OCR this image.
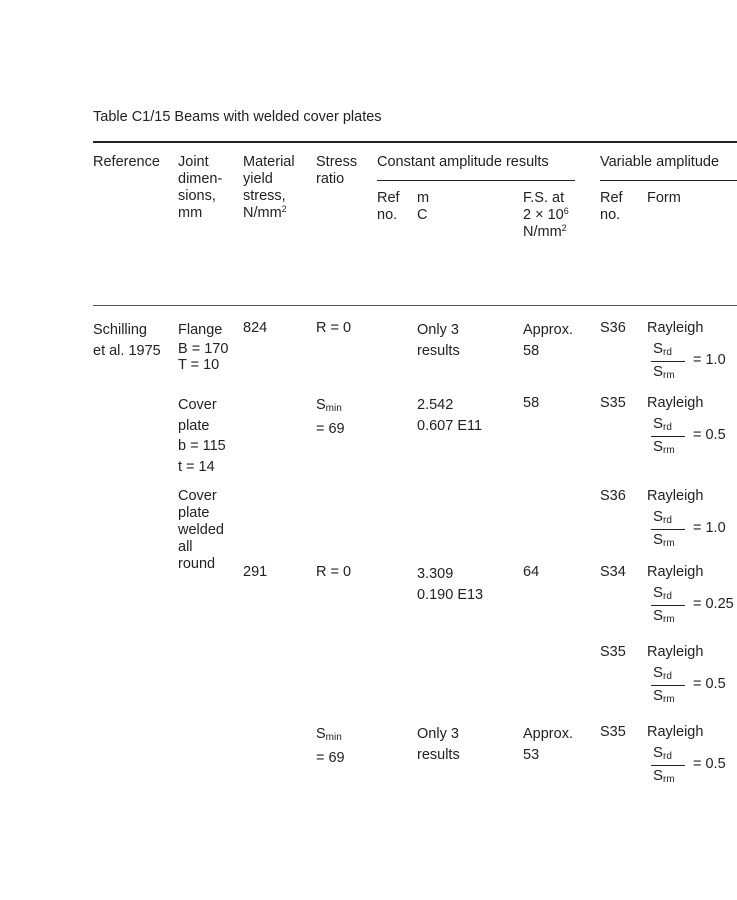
Table C1/15 Beams with welded cover plates
Reference Joint
dimen-
sions,
mm
Material
yield
stress,
$N/mm^2$
Stress
ratio
Constant amplitude results	Variable amplitude
Ref
no.
m
C
F.S. at
$2 \times 10^6$
$N/mm^2$
Ref
no.
Form
Schilling
et al. 1975
Flange
B = 170
T = 10
Cover
plate
b = 115
t = 14
Cover
plate
welded
all
round
824
291
R = 0
$S_{min}$
= 69
R = 0
$S_{min}$
= 69
Only 3
results
2.542
0.607 E11
3.309
0.190 E13
Only 3
results
Approx.
58
58
64
Approx.
53
S36 Rayleigh
$S_{rd}$
$S_{rm}$
= 1.0
S35 Rayleigh
$S_{rd}$
$S_{rm}$
= 0.5
S36 Rayleigh
$S_{rd}$
$S_{rm}$
= 1.0
S34 Rayleigh
$S_{rd}$
$S_{rm}$
= 0.25
S35 Rayleigh
$S_{rd}$
$S_{rm}$
= 0.5
S35 Rayleigh
$S_{rd}$
$S_{rm}$
= 0.5
